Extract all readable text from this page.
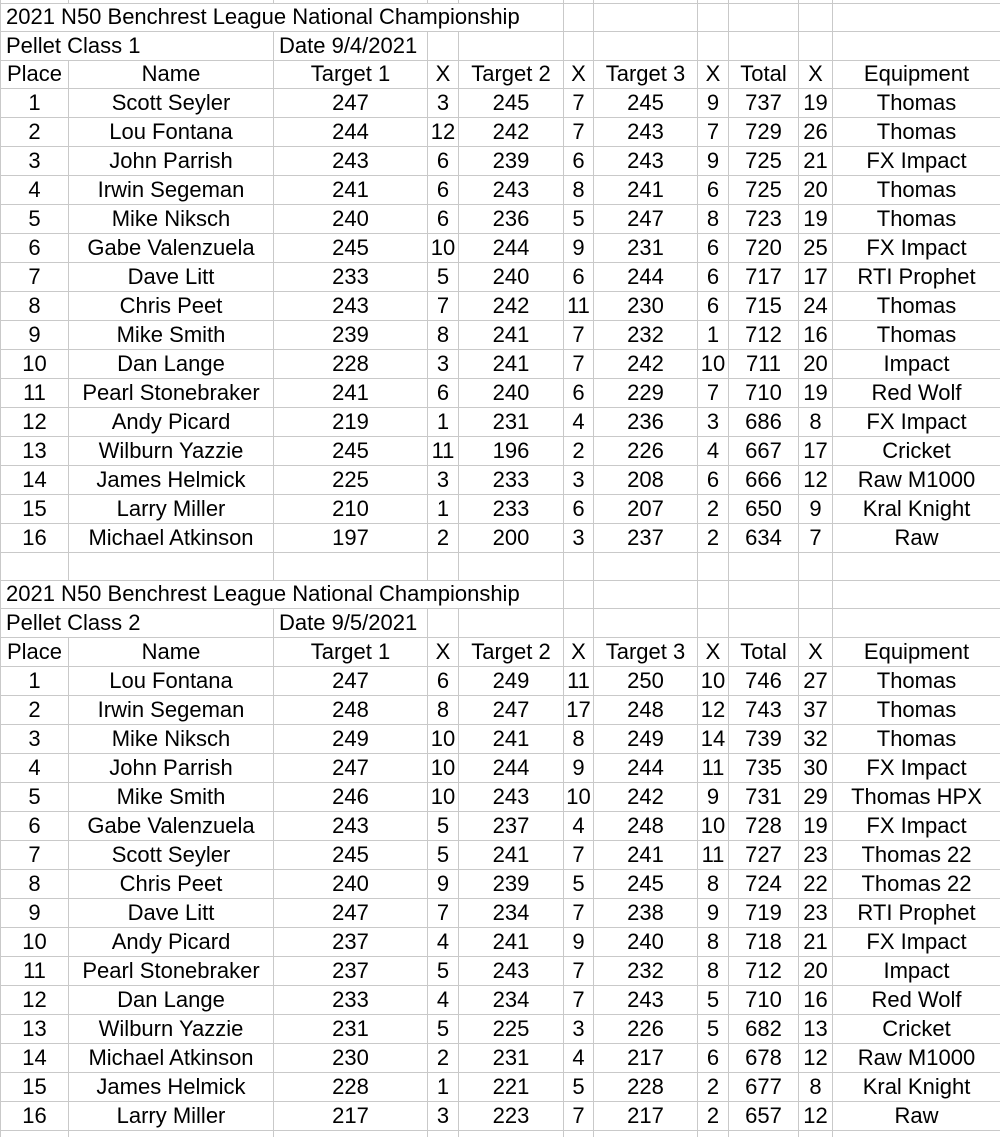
2021 N50 Benchrest League National Championship										
Pellet Class 1		Date 9/4/2021								
Place	Name	Target 1	X	Target 2	X	Target 3	X	Total	X	Equipment
1	Scott Seyler	247	3	245	7	245	9	737	19	Thomas
2	Lou Fontana	244	12	242	7	243	7	729	26	Thomas
3	John Parrish	243	6	239	6	243	9	725	21	FX Impact
4	Irwin Segeman	241	6	243	8	241	6	725	20	Thomas
5	Mike Niksch	240	6	236	5	247	8	723	19	Thomas
6	Gabe Valenzuela	245	10	244	9	231	6	720	25	FX Impact
7	Dave Litt	233	5	240	6	244	6	717	17	RTI Prophet
8	Chris Peet	243	7	242	11	230	6	715	24	Thomas
9	Mike Smith	239	8	241	7	232	1	712	16	Thomas
10	Dan Lange	228	3	241	7	242	10	711	20	Impact
11	Pearl Stonebraker	241	6	240	6	229	7	710	19	Red Wolf
12	Andy Picard	219	1	231	4	236	3	686	8	FX Impact
13	Wilburn Yazzie	245	11	196	2	226	4	667	17	Cricket
14	James Helmick	225	3	233	3	208	6	666	12	Raw M1000
15	Larry Miller	210	1	233	6	207	2	650	9	Kral Knight
16	Michael Atkinson	197	2	200	3	237	2	634	7	Raw

2021 N50 Benchrest League National Championship										
Pellet Class 2		Date 9/5/2021								
Place	Name	Target 1	X	Target 2	X	Target 3	X	Total	X	Equipment
1	Lou Fontana	247	6	249	11	250	10	746	27	Thomas
2	Irwin Segeman	248	8	247	17	248	12	743	37	Thomas
3	Mike Niksch	249	10	241	8	249	14	739	32	Thomas
4	John Parrish	247	10	244	9	244	11	735	30	FX Impact
5	Mike Smith	246	10	243	10	242	9	731	29	Thomas HPX
6	Gabe Valenzuela	243	5	237	4	248	10	728	19	FX Impact
7	Scott Seyler	245	5	241	7	241	11	727	23	Thomas 22
8	Chris Peet	240	9	239	5	245	8	724	22	Thomas 22
9	Dave Litt	247	7	234	7	238	9	719	23	RTI Prophet
10	Andy Picard	237	4	241	9	240	8	718	21	FX Impact
11	Pearl Stonebraker	237	5	243	7	232	8	712	20	Impact
12	Dan Lange	233	4	234	7	243	5	710	16	Red Wolf
13	Wilburn Yazzie	231	5	225	3	226	5	682	13	Cricket
14	Michael Atkinson	230	2	231	4	217	6	678	12	Raw M1000
15	James Helmick	228	1	221	5	228	2	677	8	Kral Knight
16	Larry Miller	217	3	223	7	217	2	657	12	Raw
